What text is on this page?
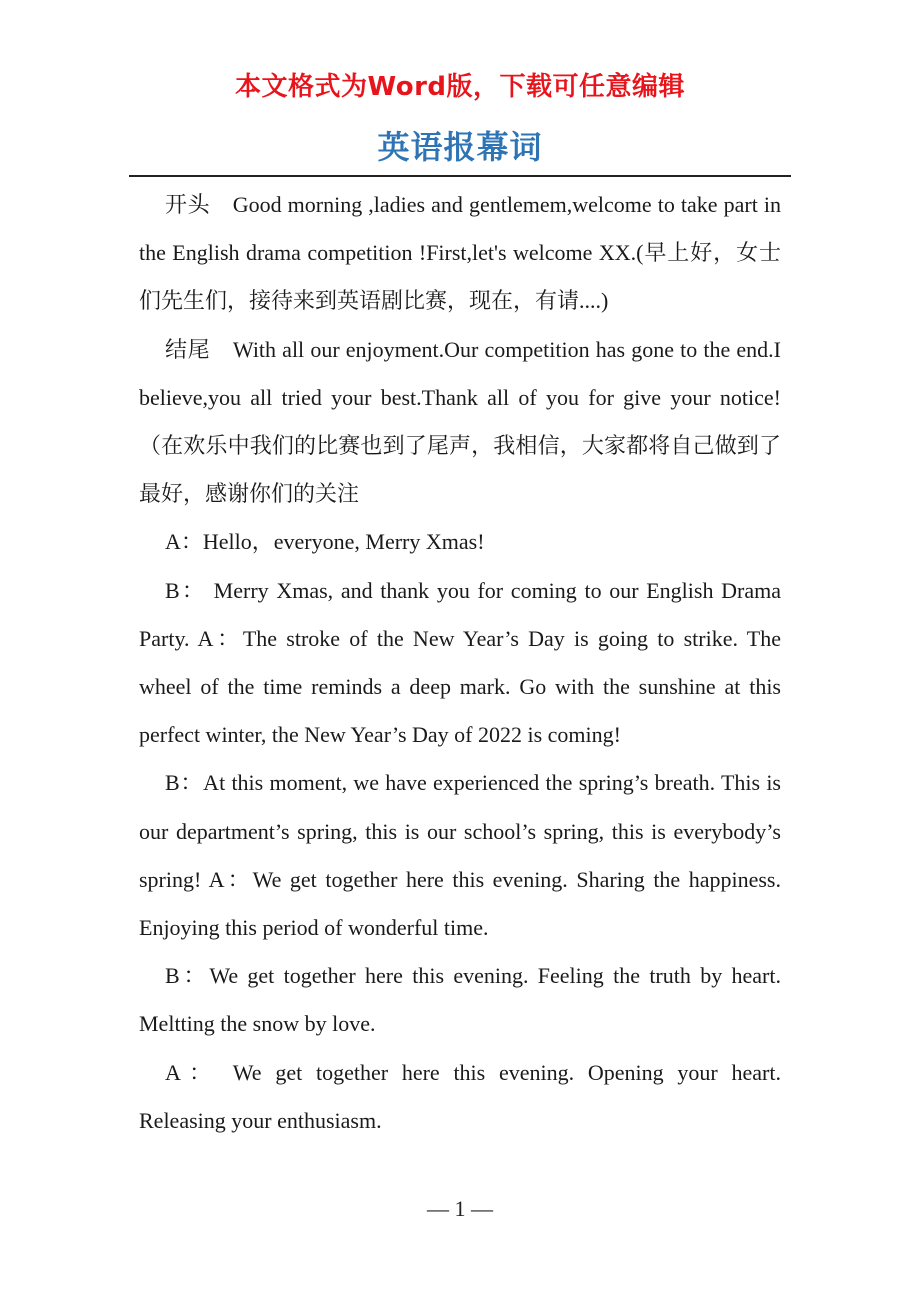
本文格式为Word版，下载可任意编辑
英语报幕词

开头　Good morning ,ladies and gentlemem,welcome to take part in the English drama competition !First,let's welcome XX.(早上好，女士们先生们，接待来到英语剧比赛，现在，有请....)

结尾　With all our enjoyment.Our competition has gone to the end.I believe,you all tried your best.Thank all of you for give your notice!（在欢乐中我们的比赛也到了尾声，我相信，大家都将自己做到了最好，感谢你们的关注

A：Hello，everyone, Merry Xmas!

B： Merry Xmas, and thank you for coming to our English Drama Party. A：The stroke of the New Year’s Day is going to strike. The wheel of the time reminds a deep mark. Go with the sunshine at this perfect winter, the New Year’s Day of 2022 is coming!

B：At this moment, we have experienced the spring’s breath. This is our department’s spring, this is our school’s spring, this is everybody’s spring! A：We get together here this evening. Sharing the happiness. Enjoying this period of wonderful time.

B：We get together here this evening. Feeling the truth by heart. Meltting the snow by love.

A： We get together here this evening. Opening your heart. Releasing your enthusiasm.

— 1 —
